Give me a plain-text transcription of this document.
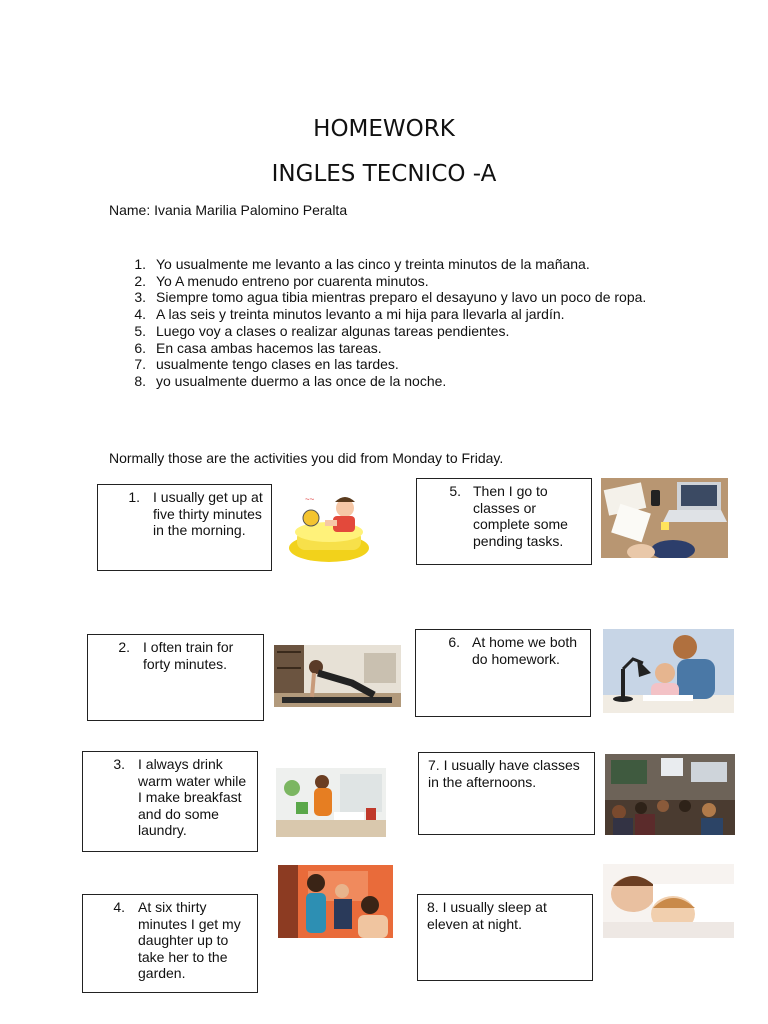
HOMEWORK
INGLES TECNICO -A
Name: Ivania Marilia Palomino Peralta
1. Yo usualmente me levanto a las cinco y treinta minutos de la mañana.
2. Yo A menudo entreno por cuarenta minutos.
3. Siempre tomo agua tibia mientras preparo el desayuno y lavo un poco de ropa.
4. A las seis y treinta minutos levanto a mi hija para llevarla al jardín.
5. Luego voy a clases o realizar algunas tareas pendientes.
6. En casa ambas hacemos las tareas.
7. usualmente tengo clases en las tardes.
8. yo usualmente duermo a las once de la noche.
Normally those are the activities you did from Monday to Friday.
1. I usually get up at five thirty minutes in the morning.
5. Then I go to classes or complete some pending tasks.
2. I often train for forty minutes.
6. At home we both do homework.
3. I always drink warm water while I make breakfast and do some laundry.
7. I usually have classes in the afternoons.
4. At six thirty minutes I get my daughter up to take her to the garden.
8. I usually sleep at eleven at night.
~~
